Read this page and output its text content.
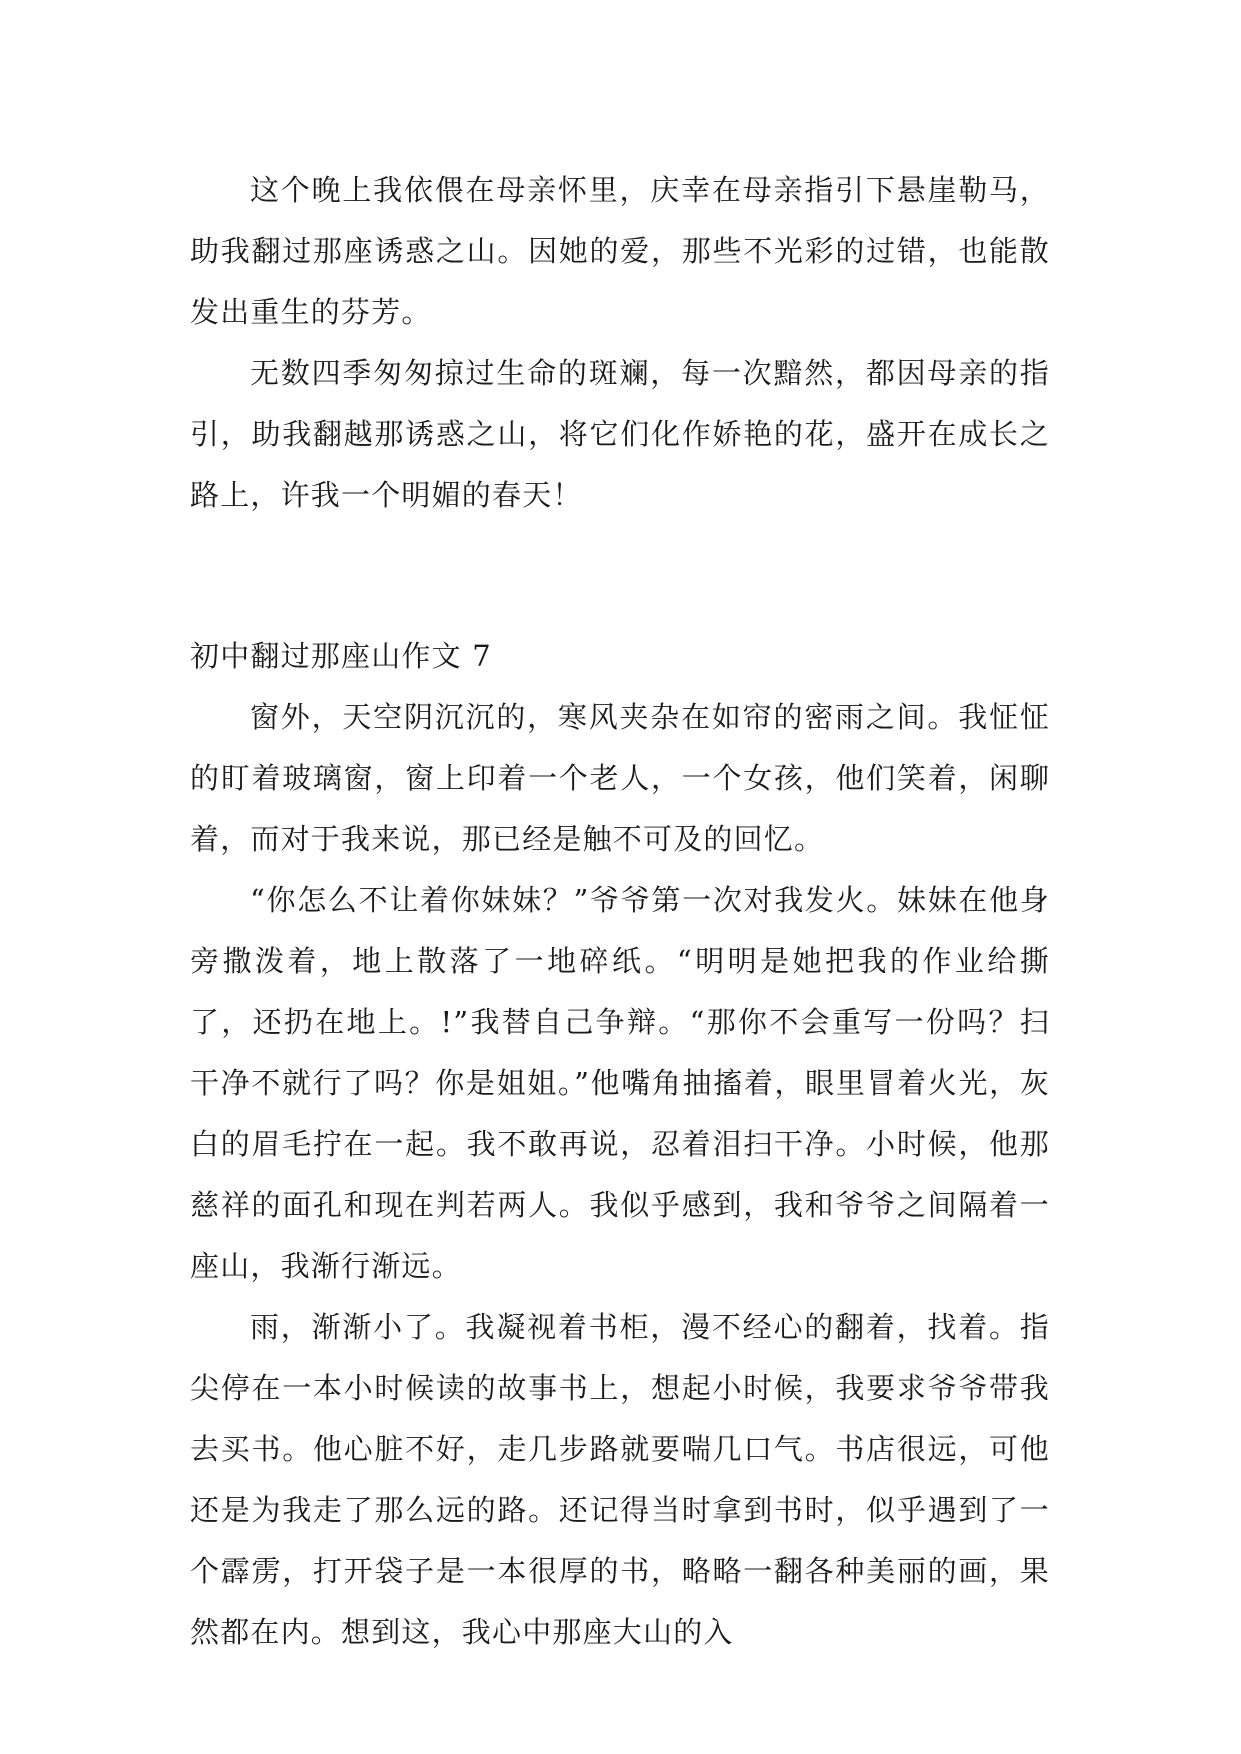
这个晚上我依偎在母亲怀里，庆幸在母亲指引下悬崖勒马，助我翻过那座诱惑之山。因她的爱，那些不光彩的过错，也能散发出重生的芬芳。

无数四季匆匆掠过生命的斑斓，每一次黯然，都因母亲的指引，助我翻越那诱惑之山，将它们化作娇艳的花，盛开在成长之路上，许我一个明媚的春天！

初中翻过那座山作文 7

窗外，天空阴沉沉的，寒风夹杂在如帘的密雨之间。我怔怔的盯着玻璃窗，窗上印着一个老人，一个女孩，他们笑着，闲聊着，而对于我来说，那已经是触不可及的回忆。

“你怎么不让着你妹妹？”爷爷第一次对我发火。妹妹在他身旁撒泼着，地上散落了一地碎纸。“明明是她把我的作业给撕了，还扔在地上。!”我替自己争辩。“那你不会重写一份吗？扫干净不就行了吗？你是姐姐。”他嘴角抽搐着，眼里冒着火光，灰白的眉毛拧在一起。我不敢再说，忍着泪扫干净。小时候，他那慈祥的面孔和现在判若两人。我似乎感到，我和爷爷之间隔着一座山，我渐行渐远。

雨，渐渐小了。我凝视着书柜，漫不经心的翻着，找着。指尖停在一本小时候读的故事书上，想起小时候，我要求爷爷带我去买书。他心脏不好，走几步路就要喘几口气。书店很远，可他还是为我走了那么远的路。还记得当时拿到书时，似乎遇到了一个霹雳，打开袋子是一本很厚的书，略略一翻各种美丽的画，果然都在内。想到这，我心中那座大山的入
